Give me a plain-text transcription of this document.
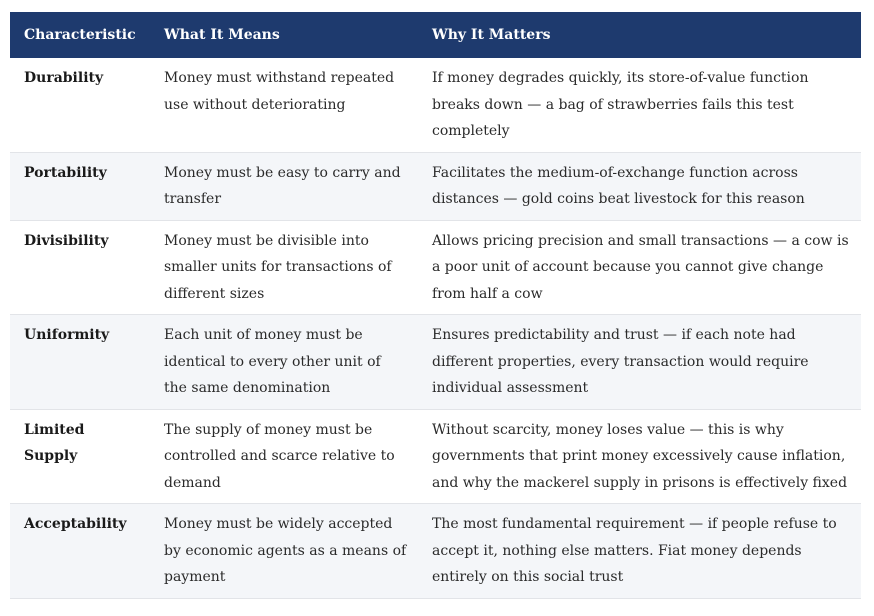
Characteristic	What It Means	Why It Matters
Durability	Money must withstand repeated use without deteriorating	If money degrades quickly, its store-of-value function breaks down — a bag of strawberries fails this test completely
Portability	Money must be easy to carry and transfer	Facilitates the medium-of-exchange function across distances — gold coins beat livestock for this reason
Divisibility	Money must be divisible into smaller units for transactions of different sizes	Allows pricing precision and small transactions — a cow is a poor unit of account because you cannot give change from half a cow
Uniformity	Each unit of money must be identical to every other unit of the same denomination	Ensures predictability and trust — if each note had different properties, every transaction would require individual assessment
Limited Supply	The supply of money must be controlled and scarce relative to demand	Without scarcity, money loses value — this is why governments that print money excessively cause inflation, and why the mackerel supply in prisons is effectively fixed
Acceptability	Money must be widely accepted by economic agents as a means of payment	The most fundamental requirement — if people refuse to accept it, nothing else matters. Fiat money depends entirely on this social trust
